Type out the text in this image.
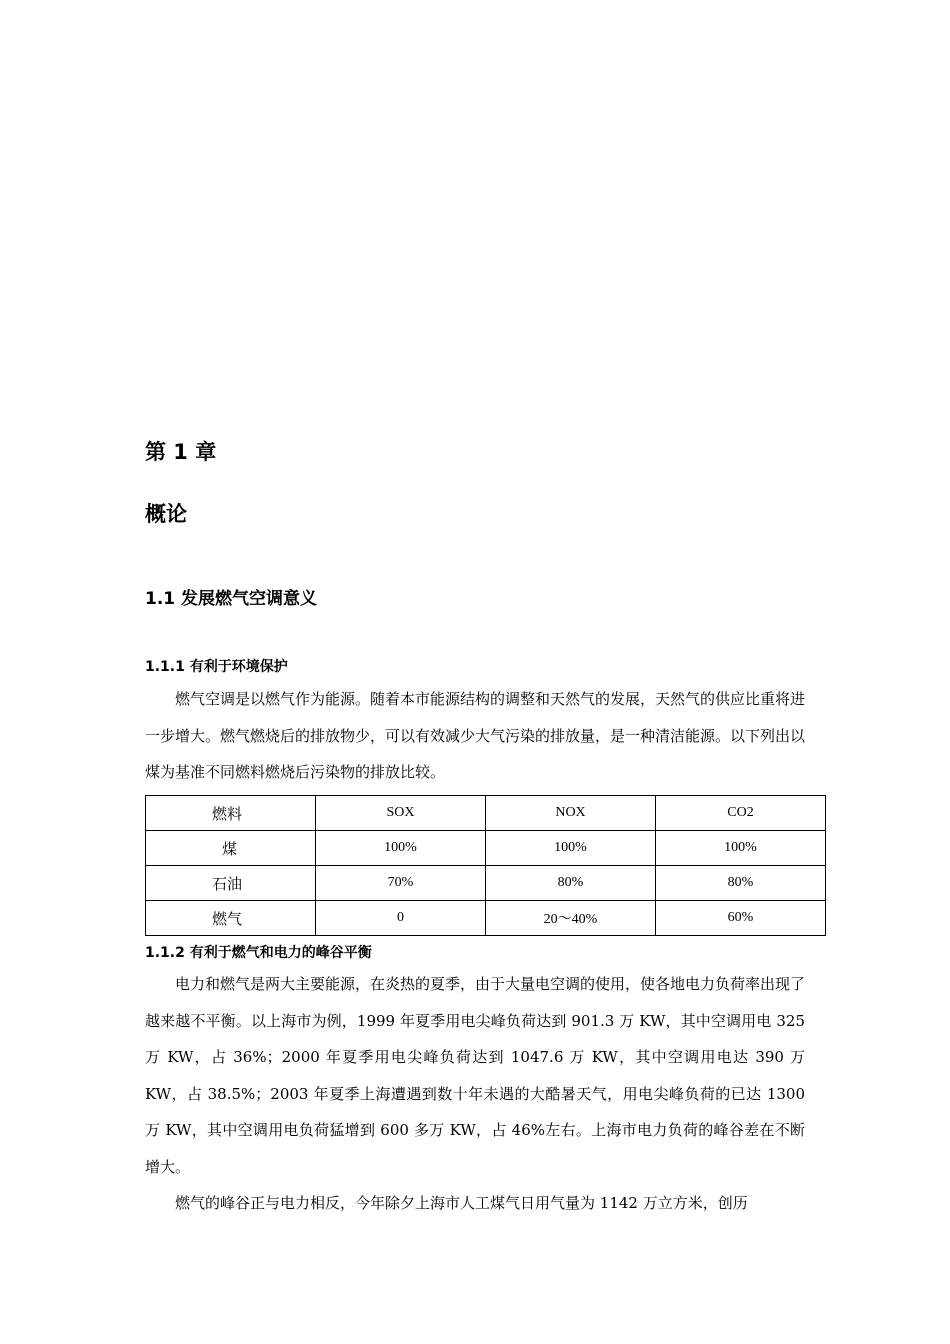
第 1 章
概论
1.1 发展燃气空调意义
1.1.1 有利于环境保护

燃气空调是以燃气作为能源。随着本市能源结构的调整和天然气的发展，天然气的供应比重将进一步增大。燃气燃烧后的排放物少，可以有效减少大气污染的排放量，是一种清洁能源。以下列出以煤为基准不同燃料燃烧后污染物的排放比较。

燃料	SOX	NOX	CO2
煤	100%	100%	100%
石油	70%	80%	80%
燃气	0	20～40%	60%
1.1.2 有利于燃气和电力的峰谷平衡

电力和燃气是两大主要能源，在炎热的夏季，由于大量电空调的使用，使各地电力负荷率出现了越来越不平衡。以上海市为例，1999 年夏季用电尖峰负荷达到 901.3 万 KW，其中空调用电 325 万 KW，占 36%；2000 年夏季用电尖峰负荷达到 1047.6 万 KW，其中空调用电达 390 万 KW，占 38.5%；2003 年夏季上海遭遇到数十年未遇的大酷暑天气，用电尖峰负荷的已达 1300 万 KW，其中空调用电负荷猛增到 600 多万 KW，占 46%左右。上海市电力负荷的峰谷差在不断增大。

燃气的峰谷正与电力相反，今年除夕上海市人工煤气日用气量为 1142 万立方米，创历
